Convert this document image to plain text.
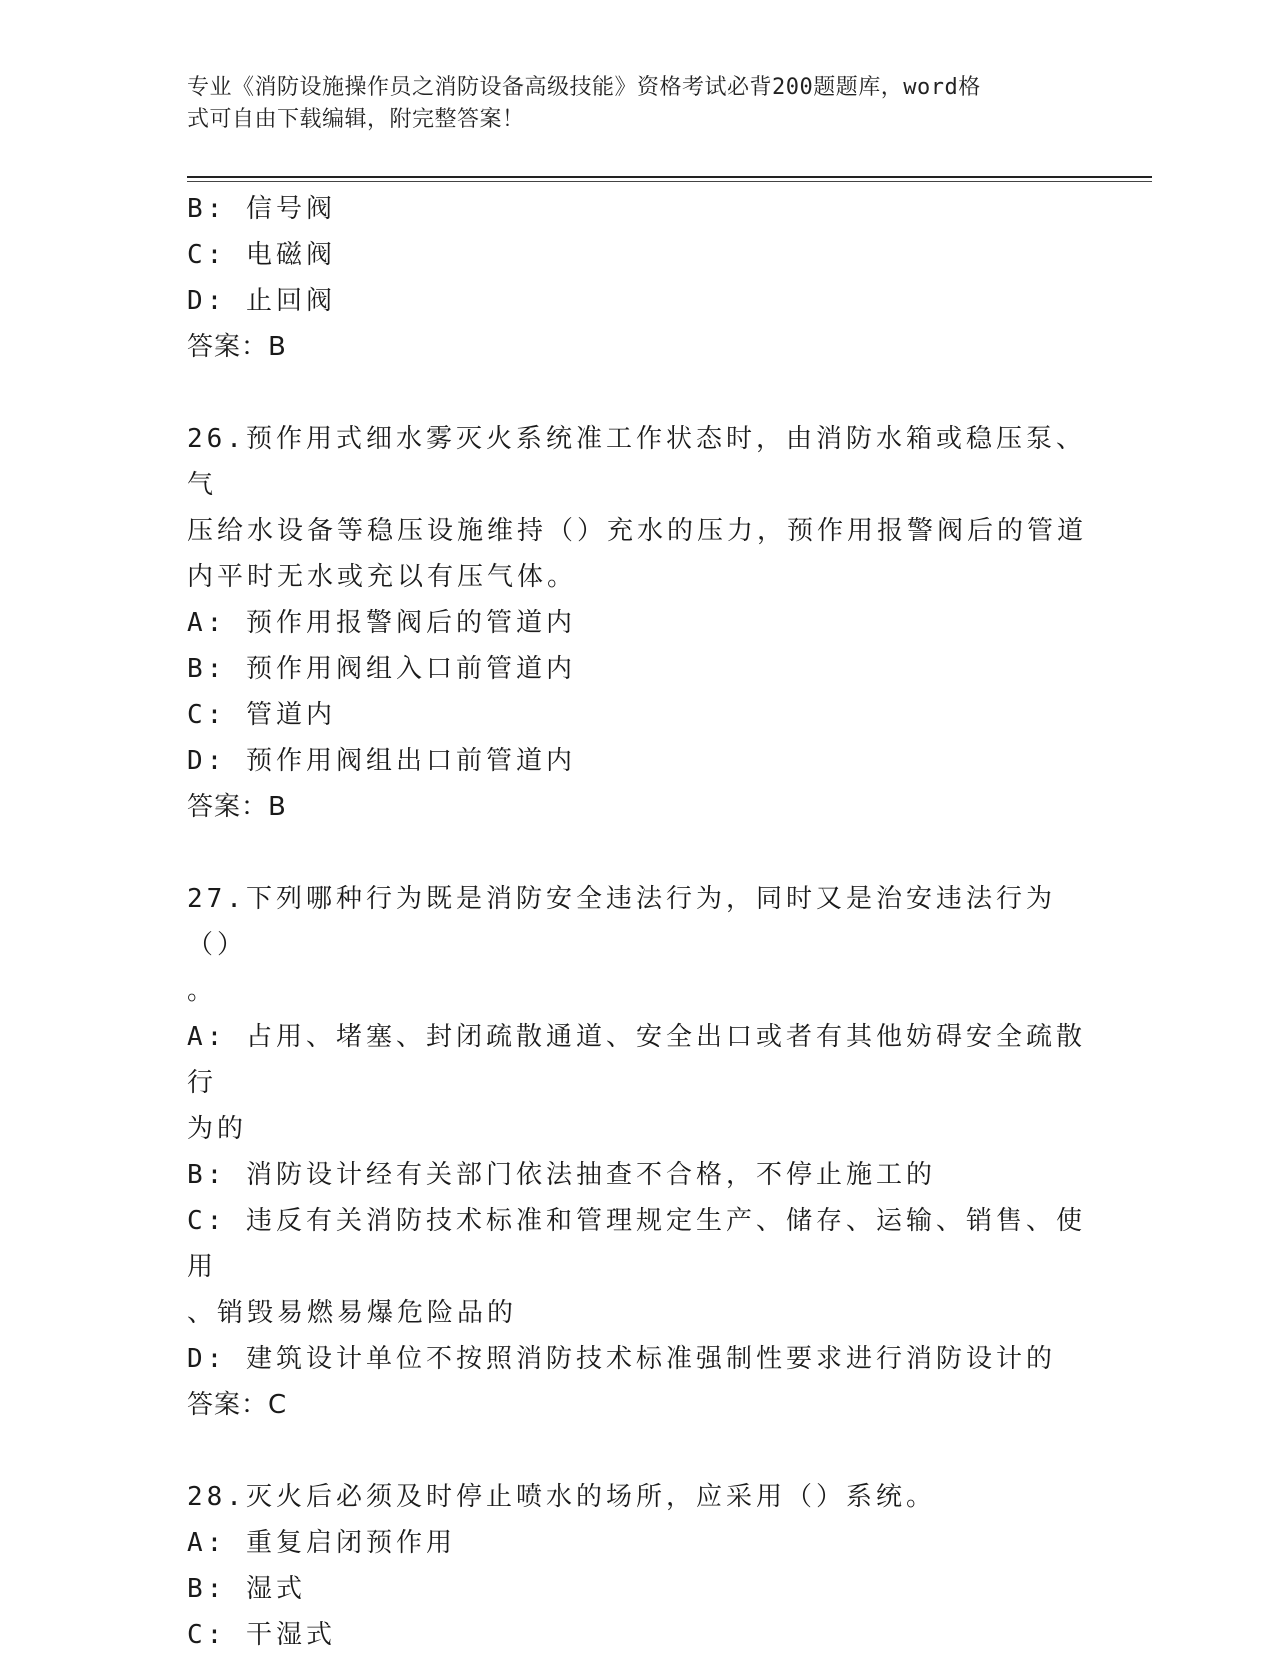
专业《消防设施操作员之消防设备高级技能》资格考试必背200题题库，word格
式可自由下载编辑，附完整答案！
B: 信号阀
C: 电磁阀
D: 止回阀
答案：B
26.预作用式细水雾灭火系统准工作状态时，由消防水箱或稳压泵、气
压给水设备等稳压设施维持（）充水的压力，预作用报警阀后的管道
内平时无水或充以有压气体。
A: 预作用报警阀后的管道内
B: 预作用阀组入口前管道内
C: 管道内
D: 预作用阀组出口前管道内
答案：B
27.下列哪种行为既是消防安全违法行为，同时又是治安违法行为（）
。
A: 占用、堵塞、封闭疏散通道、安全出口或者有其他妨碍安全疏散行
为的
B: 消防设计经有关部门依法抽查不合格，不停止施工的
C: 违反有关消防技术标准和管理规定生产、储存、运输、销售、使用
、销毁易燃易爆危险品的
D: 建筑设计单位不按照消防技术标准强制性要求进行消防设计的
答案：C
28.灭火后必须及时停止喷水的场所，应采用（）系统。
A: 重复启闭预作用
B: 湿式
C: 干湿式
